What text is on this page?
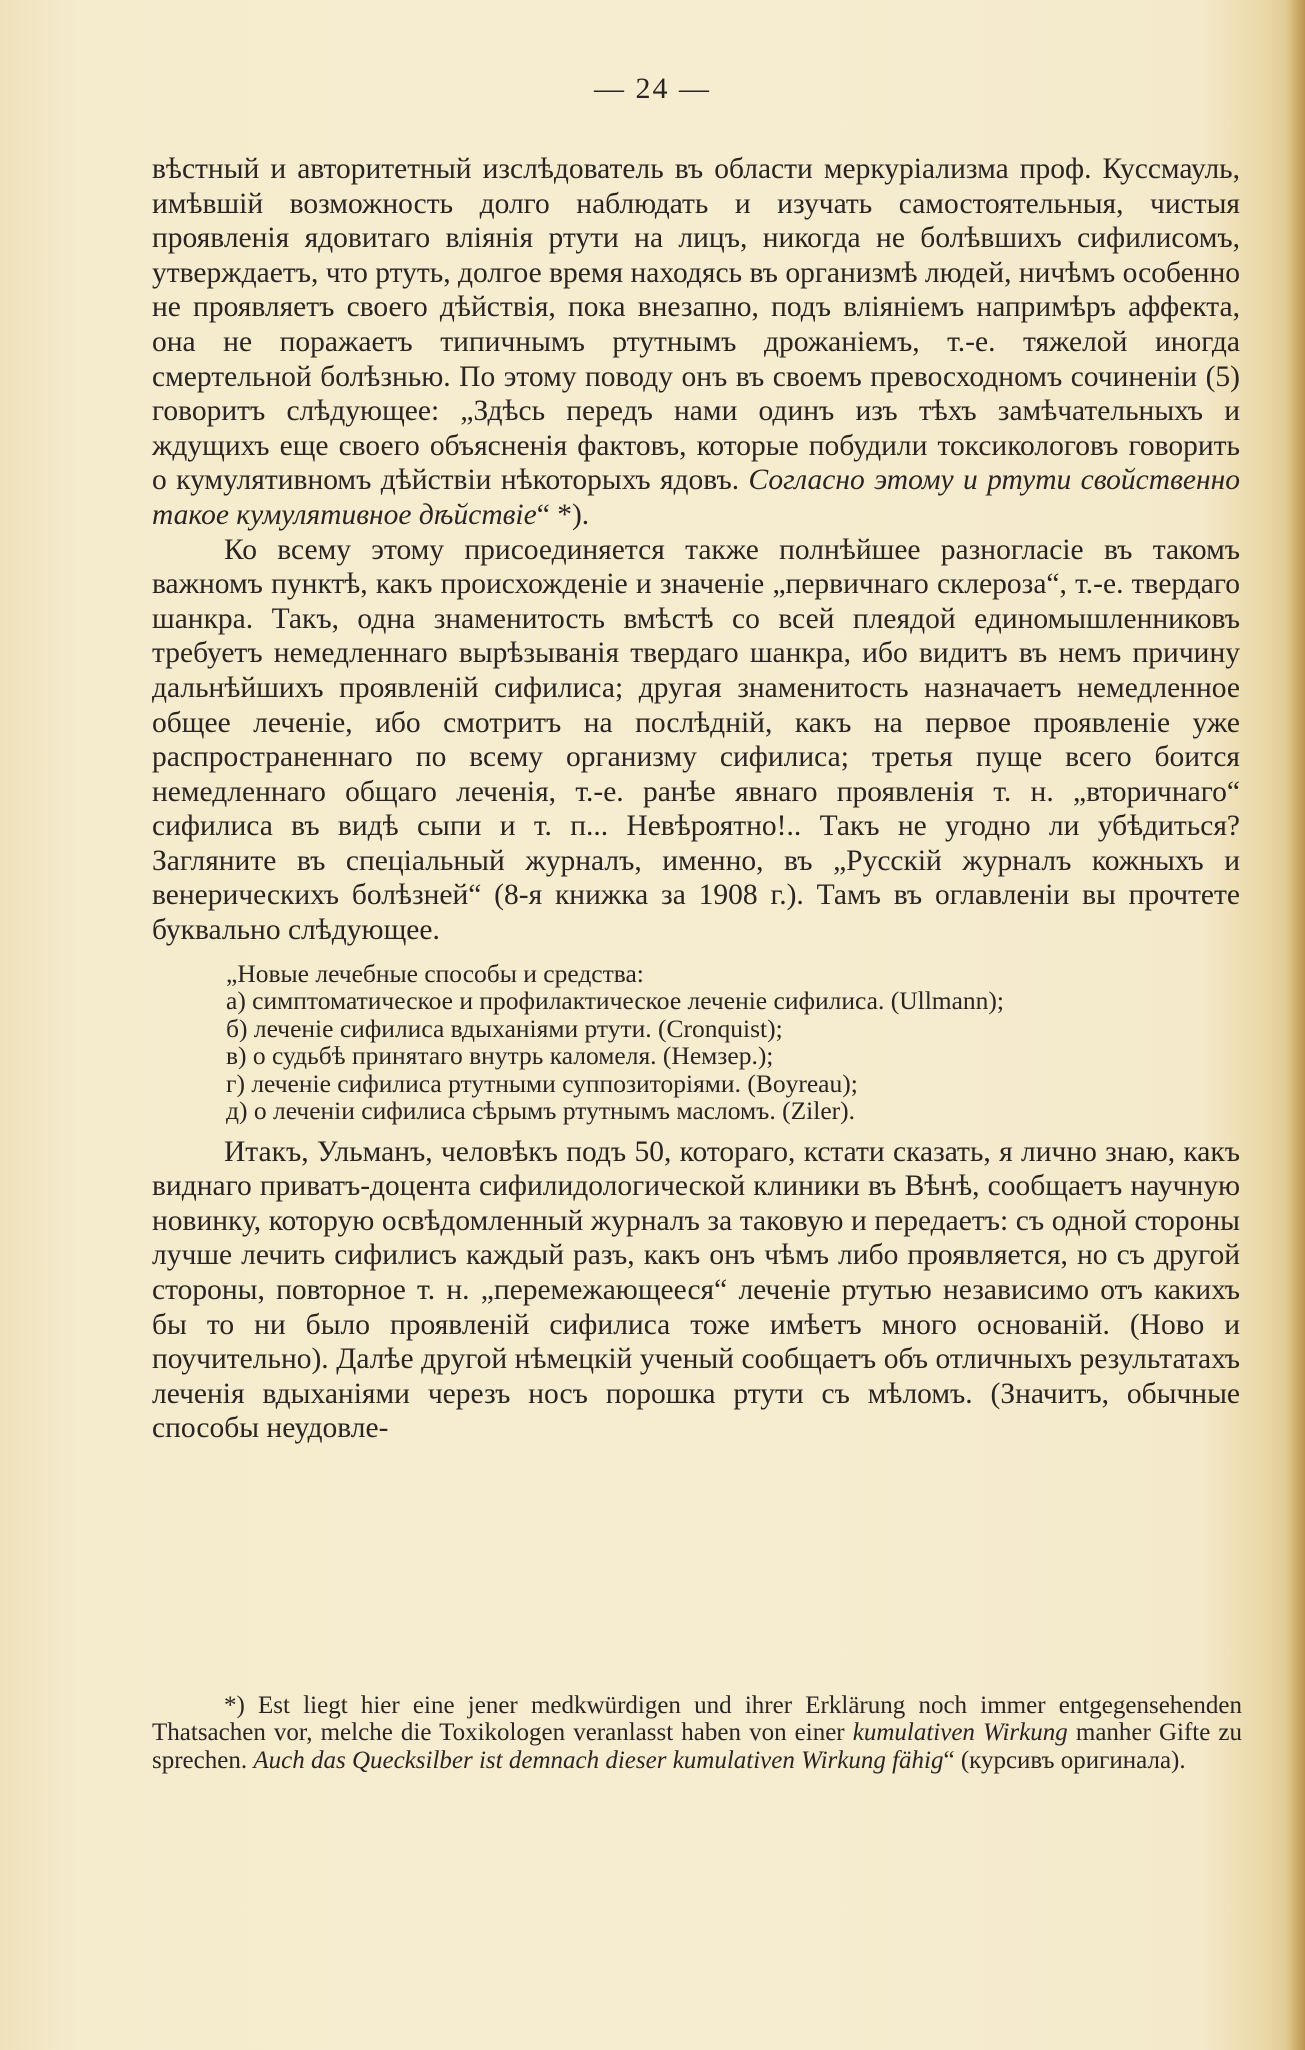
— 24 —

вѣстный и авторитетный изслѣдователь въ области меркуріализма проф. Куссмауль, имѣвшій возможность долго наблюдать и изучать самостоятельныя, чистыя проявленія ядовитаго вліянія ртути на лицъ, никогда не болѣвшихъ сифилисомъ, утверждаетъ, что ртуть, долгое время находясь въ организмѣ людей, ничѣмъ особенно не проявляетъ своего дѣйствія, пока внезапно, подъ вліяніемъ напримѣръ аффекта, она не поражаетъ типичнымъ ртутнымъ дрожаніемъ, т.-е. тяжелой иногда смертельной болѣзнью. По этому поводу онъ въ своемъ превосходномъ сочиненіи (5) говоритъ слѣдующее: „Здѣсь передъ нами одинъ изъ тѣхъ замѣчательныхъ и ждущихъ еще своего объясненія фактовъ, которые побудили токсикологовъ говорить о кумулятивномъ дѣйствіи нѣкоторыхъ ядовъ. Согласно этому и ртути свойственно такое кумулятивное дѣйствіе“ *).

Ко всему этому присоединяется также полнѣйшее разногласіе въ такомъ важномъ пунктѣ, какъ происхожденіе и значеніе „первичнаго склероза“, т.-е. твердаго шанкра. Такъ, одна знаменитость вмѣстѣ со всей плеядой единомышленниковъ требуетъ немедленнаго вырѣзыванія твердаго шанкра, ибо видитъ въ немъ причину дальнѣйшихъ проявленій сифилиса; другая знаменитость назначаетъ немедленное общее леченіе, ибо смотритъ на послѣдній, какъ на первое проявленіе уже распространеннаго по всему организму сифилиса; третья пуще всего боится немедленнаго общаго леченія, т.-е. ранѣе явнаго проявленія т. н. „вторичнаго“ сифилиса въ видѣ сыпи и т. п... Невѣроятно!.. Такъ не угодно ли убѣдиться? Загляните въ спеціальный журналъ, именно, въ „Русскій журналъ кожныхъ и венерическихъ болѣзней“ (8-я книжка за 1908 г.). Тамъ въ оглавленіи вы прочтете буквально слѣдующее.

„Новые лечебные способы и средства:
а) симптоматическое и профилактическое леченіе сифилиса. (Ullmann);
б) леченіе сифилиса вдыханіями ртути. (Cronquist);
в) о судьбѣ принятаго внутрь каломеля. (Немзер.);
г) леченіе сифилиса ртутными суппозиторіями. (Boyreau);
д) о леченіи сифилиса сѣрымъ ртутнымъ масломъ. (Ziler).

Итакъ, Ульманъ, человѣкъ подъ 50, котораго, кстати сказать, я лично знаю, какъ виднаго приватъ-доцента сифилидологической клиники въ Вѣнѣ, сообщаетъ научную новинку, которую освѣдомленный журналъ за таковую и передаетъ: съ одной стороны лучше лечить сифилисъ каждый разъ, какъ онъ чѣмъ либо проявляется, но съ другой стороны, повторное т. н. „перемежающееся“ леченіе ртутью независимо отъ какихъ бы то ни было проявленій сифилиса тоже имѣетъ много основаній. (Ново и поучительно). Далѣе другой нѣмецкій ученый сообщаетъ объ отличныхъ результатахъ леченія вдыханіями черезъ носъ порошка ртути съ мѣломъ. (Значитъ, обычные способы неудовле-

*) Est liegt hier eine jener medkwürdigen und ihrer Erklärung noch immer entgegensehenden Thatsachen vor, melche die Toxikologen veranlasst haben von einer kumulativen Wirkung manher Gifte zu sprechen. Auch das Quecksilber ist demnach dieser kumulativen Wirkung fähig“ (курсивъ оригинала).
